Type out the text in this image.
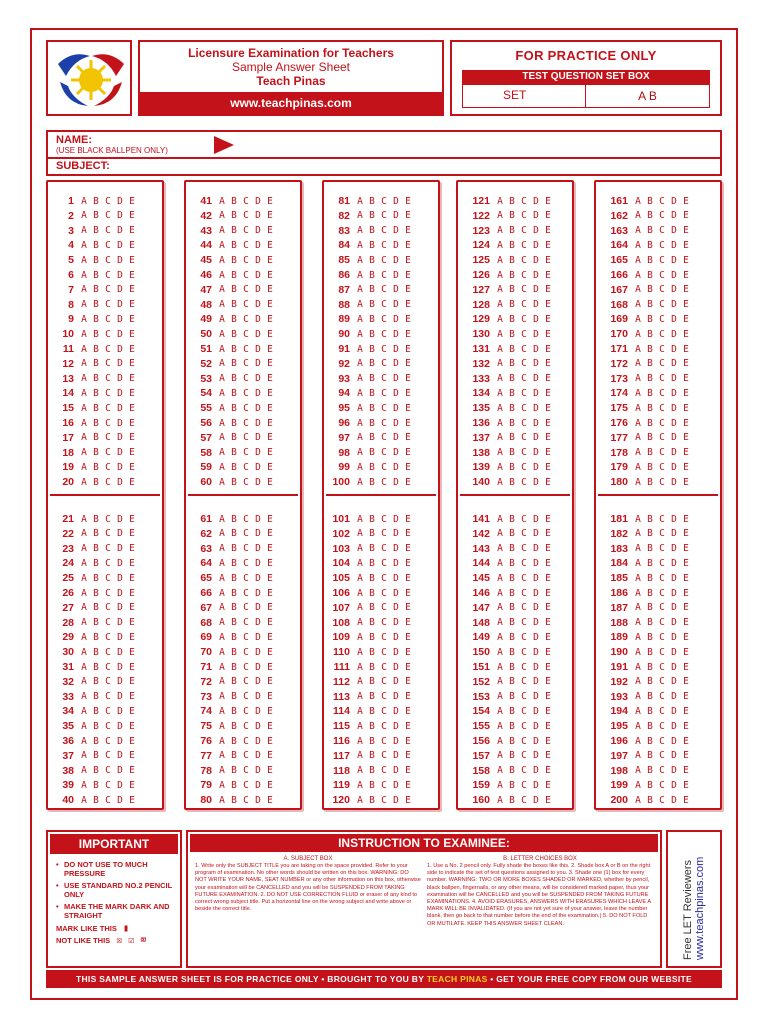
Licensure Examination for Teachers
Sample Answer Sheet
Teach Pinas
www.teachpinas.com
FOR PRACTICE ONLY
TEST QUESTION SET BOX
SET	A B
NAME:
(USE BLACK BALLPEN ONLY)
SUBJECT:
1 A B C D E
2 A B C D E
3 A B C D E
4 A B C D E
5 A B C D E
6 A B C D E
7 A B C D E
8 A B C D E
9 A B C D E
10 A B C D E
11 A B C D E
12 A B C D E
13 A B C D E
14 A B C D E
15 A B C D E
16 A B C D E
17 A B C D E
18 A B C D E
19 A B C D E
20 A B C D E
21 A B C D E
22 A B C D E
23 A B C D E
24 A B C D E
25 A B C D E
26 A B C D E
27 A B C D E
28 A B C D E
29 A B C D E
30 A B C D E
31 A B C D E
32 A B C D E
33 A B C D E
34 A B C D E
35 A B C D E
36 A B C D E
37 A B C D E
38 A B C D E
39 A B C D E
40 A B C D E
41 A B C D E
42 A B C D E
43 A B C D E
44 A B C D E
45 A B C D E
46 A B C D E
47 A B C D E
48 A B C D E
49 A B C D E
50 A B C D E
51 A B C D E
52 A B C D E
53 A B C D E
54 A B C D E
55 A B C D E
56 A B C D E
57 A B C D E
58 A B C D E
59 A B C D E
60 A B C D E
61 A B C D E
62 A B C D E
63 A B C D E
64 A B C D E
65 A B C D E
66 A B C D E
67 A B C D E
68 A B C D E
69 A B C D E
70 A B C D E
71 A B C D E
72 A B C D E
73 A B C D E
74 A B C D E
75 A B C D E
76 A B C D E
77 A B C D E
78 A B C D E
79 A B C D E
80 A B C D E
81 A B C D E
82 A B C D E
83 A B C D E
84 A B C D E
85 A B C D E
86 A B C D E
87 A B C D E
88 A B C D E
89 A B C D E
90 A B C D E
91 A B C D E
92 A B C D E
93 A B C D E
94 A B C D E
95 A B C D E
96 A B C D E
97 A B C D E
98 A B C D E
99 A B C D E
100 A B C D E
101 A B C D E
102 A B C D E
103 A B C D E
104 A B C D E
105 A B C D E
106 A B C D E
107 A B C D E
108 A B C D E
109 A B C D E
110 A B C D E
111 A B C D E
112 A B C D E
113 A B C D E
114 A B C D E
115 A B C D E
116 A B C D E
117 A B C D E
118 A B C D E
119 A B C D E
120 A B C D E
121 A B C D E
122 A B C D E
123 A B C D E
124 A B C D E
125 A B C D E
126 A B C D E
127 A B C D E
128 A B C D E
129 A B C D E
130 A B C D E
131 A B C D E
132 A B C D E
133 A B C D E
134 A B C D E
135 A B C D E
136 A B C D E
137 A B C D E
138 A B C D E
139 A B C D E
140 A B C D E
141 A B C D E
142 A B C D E
143 A B C D E
144 A B C D E
145 A B C D E
146 A B C D E
147 A B C D E
148 A B C D E
149 A B C D E
150 A B C D E
151 A B C D E
152 A B C D E
153 A B C D E
154 A B C D E
155 A B C D E
156 A B C D E
157 A B C D E
158 A B C D E
159 A B C D E
160 A B C D E
161 A B C D E
162 A B C D E
163 A B C D E
164 A B C D E
165 A B C D E
166 A B C D E
167 A B C D E
168 A B C D E
169 A B C D E
170 A B C D E
171 A B C D E
172 A B C D E
173 A B C D E
174 A B C D E
175 A B C D E
176 A B C D E
177 A B C D E
178 A B C D E
179 A B C D E
180 A B C D E
181 A B C D E
182 A B C D E
183 A B C D E
184 A B C D E
185 A B C D E
186 A B C D E
187 A B C D E
188 A B C D E
189 A B C D E
190 A B C D E
191 A B C D E
192 A B C D E
193 A B C D E
194 A B C D E
195 A B C D E
196 A B C D E
197 A B C D E
198 A B C D E
199 A B C D E
200 A B C D E
IMPORTANT
• DO NOT USE TO MUCH PRESSURE
• USE STANDARD NO.2 PENCIL ONLY
• MAKE THE MARK DARK AND STRAIGHT
MARK LIKE THIS ▮
NOT LIKE THIS ☒ ☑ ⌧
INSTRUCTION TO EXAMINEE:
A. SUBJECT BOX

1. Write only the SUBJECT TITLE you are taking on the space provided. Refer to your program of examination. No other words should be written on this box. WARNING: DO NOT WRITE YOUR NAME, SEAT NUMBER or any other information on this box, otherwise your examination will be CANCELLED and you will be SUSPENDED FROM TAKING FUTURE EXAMINATION. 2. DO NOT USE CORRECTION FLUID or eraser of any kind to correct wrong subject title. Put a horizontal line on the wrong subject and write above or beside the correct title.

B. LETTER CHOICES BOX

1. Use a No. 2 pencil only. Fully shade the boxes like this. 2. Shade box A or B on the right side to indicate the set of test questions assigned to you. 3. Shade one (1) box for every number. WARNING: TWO OR MORE BOXES SHADED OR MARKED, whether by pencil, black ballpen, fingernails, or any other means, will be considered marked paper, thus your examination will be CANCELLED and you will be SUSPENDED FROM TAKING FUTURE EXAMINATIONS. 4. AVOID ERASURES, ANSWERS WITH ERASURES WHICH LEAVE A MARK WILL BE INVALIDATED. (If you are not yet sure of your answer, leave the number blank, then go back to that number before the end of the examination.) 5. DO NOT FOLD OR MUTILATE. KEEP THIS ANSWER SHEET CLEAN.	Free LET Reviewers www.teachpinas.com
THIS SAMPLE ANSWER SHEET IS FOR PRACTICE ONLY • BROUGHT TO YOU BY TEACH PINAS • GET YOUR FREE COPY FROM OUR WEBSITE
